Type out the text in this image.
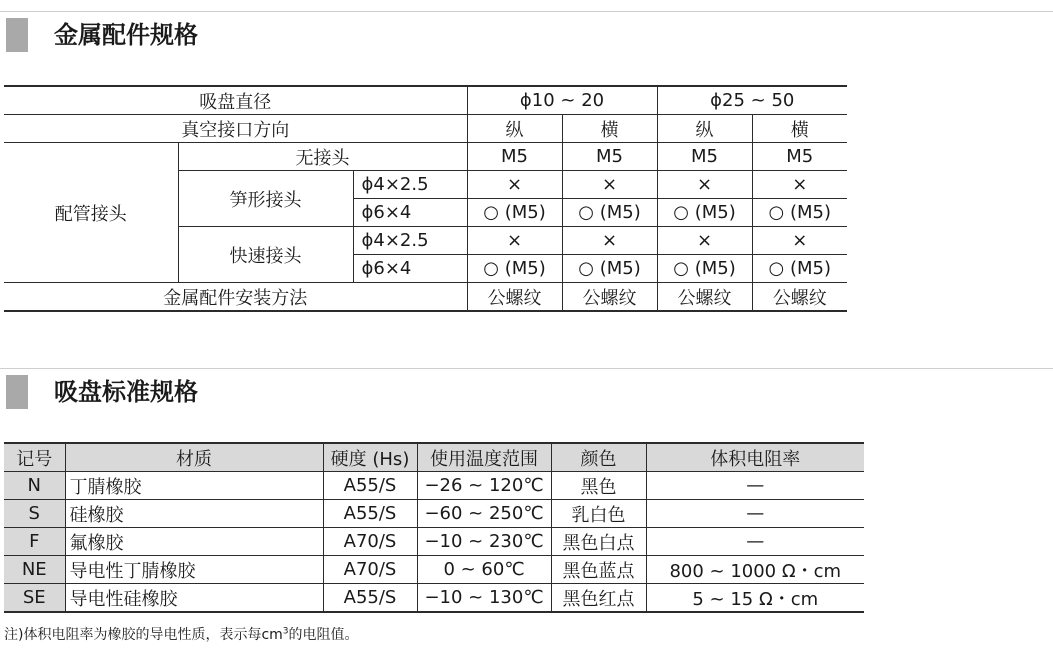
金属配件规格
吸盘直径			ϕ10 ~ 20		ϕ25 ~ 50	
真空接口方向			纵	横	纵	横
配管接头	无接头		M5	M5	M5	M5
	笋形接头	ϕ4×2.5	×	×	×	×
		ϕ6×4	○ (M5)	○ (M5)	○ (M5)	○ (M5)
	快速接头	ϕ4×2.5	×	×	×	×
		ϕ6×4	○ (M5)	○ (M5)	○ (M5)	○ (M5)
金属配件安装方法			公螺纹	公螺纹	公螺纹	公螺纹
吸盘标准规格
记号	材质	硬度 (Hs)	使用温度范围	颜色	体积电阻率
N	丁腈橡胶	A55/S	−26 ~ 120℃	黑色	—
S	硅橡胶	A55/S	−60 ~ 250℃	乳白色	—
F	氟橡胶	A70/S	−10 ~ 230℃	黑色白点	—
NE	导电性丁腈橡胶	A70/S	0 ~ 60℃	黑色蓝点	800 ~ 1000 Ω・cm
SE	导电性硅橡胶	A55/S	−10 ~ 130℃	黑色红点	5 ~ 15 Ω・cm
注)体积电阻率为橡胶的导电性质，表示每$cm^3$的电阻值。
